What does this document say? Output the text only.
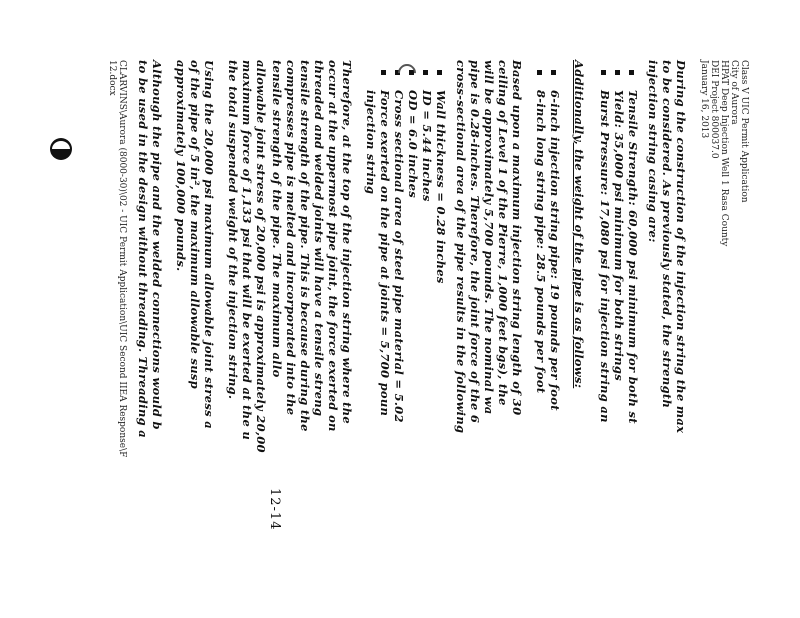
Class V UIC Permit Application
City of Aurora
HPAT Deep Injection Well 1 Rasa County
DEI Project 800037.0
January 16, 2013
During the construction of the injection string the max
to be considered. As previously stated, the strength
injection string casing are:
Tensile Strength: 60,000 psi minimum for both st
Yield: 35,000 psi minimum for both strings
Burst Pressure: 17,080 psi for injection string an
Additionally, the weight of the pipe is as follows:
6-inch injection string pipe: 19 pounds per foot
8-inch long string pipe: 28.5 pounds per foot
Based upon a maximum injection string length of 30
ceiling of Level 1 of the Pierre, 1,000 feet bgs), the
will be approximately 5,700 pounds. The nominal wa
pipe is 0.28-inches. Therefore, the joint force of the 6
cross-sectional area of the pipe results in the following
Wall thickness = 0.28 inches
ID = 5.44 inches
OD = 6.0 inches
Cross sectional area of steel pipe material = 5.02
Force exerted on the pipe at joints = 5,700 poun
injection string
Therefore, at the top of the injection string where the
occur at the uppermost pipe joint, the force exerted on
threaded and welded joints will have a tensile streng
tensile strength of the pipe. This is because during the
compresses pipe is melted and incorporated into the
tensile strength of the pipe. The maximum allo
allowable joint stress of 20,000 psi is approximately 20,00
maximum force of 1,133 psi that will be exerted at the u
the total suspended weight of the injection string.
Using the 20,000 psi maximum allowable joint stress a
of the pipe of 5 in², the maximum allowable susp
approximately 100,000 pounds.
Although the pipe and the welded connections would b
to be used in the design without threading. Threading a
CLARVINS\Aurora (8000-30)\02 - UIC Permit Application\UIC Second IIEA Response\F
12.docx
12-14
